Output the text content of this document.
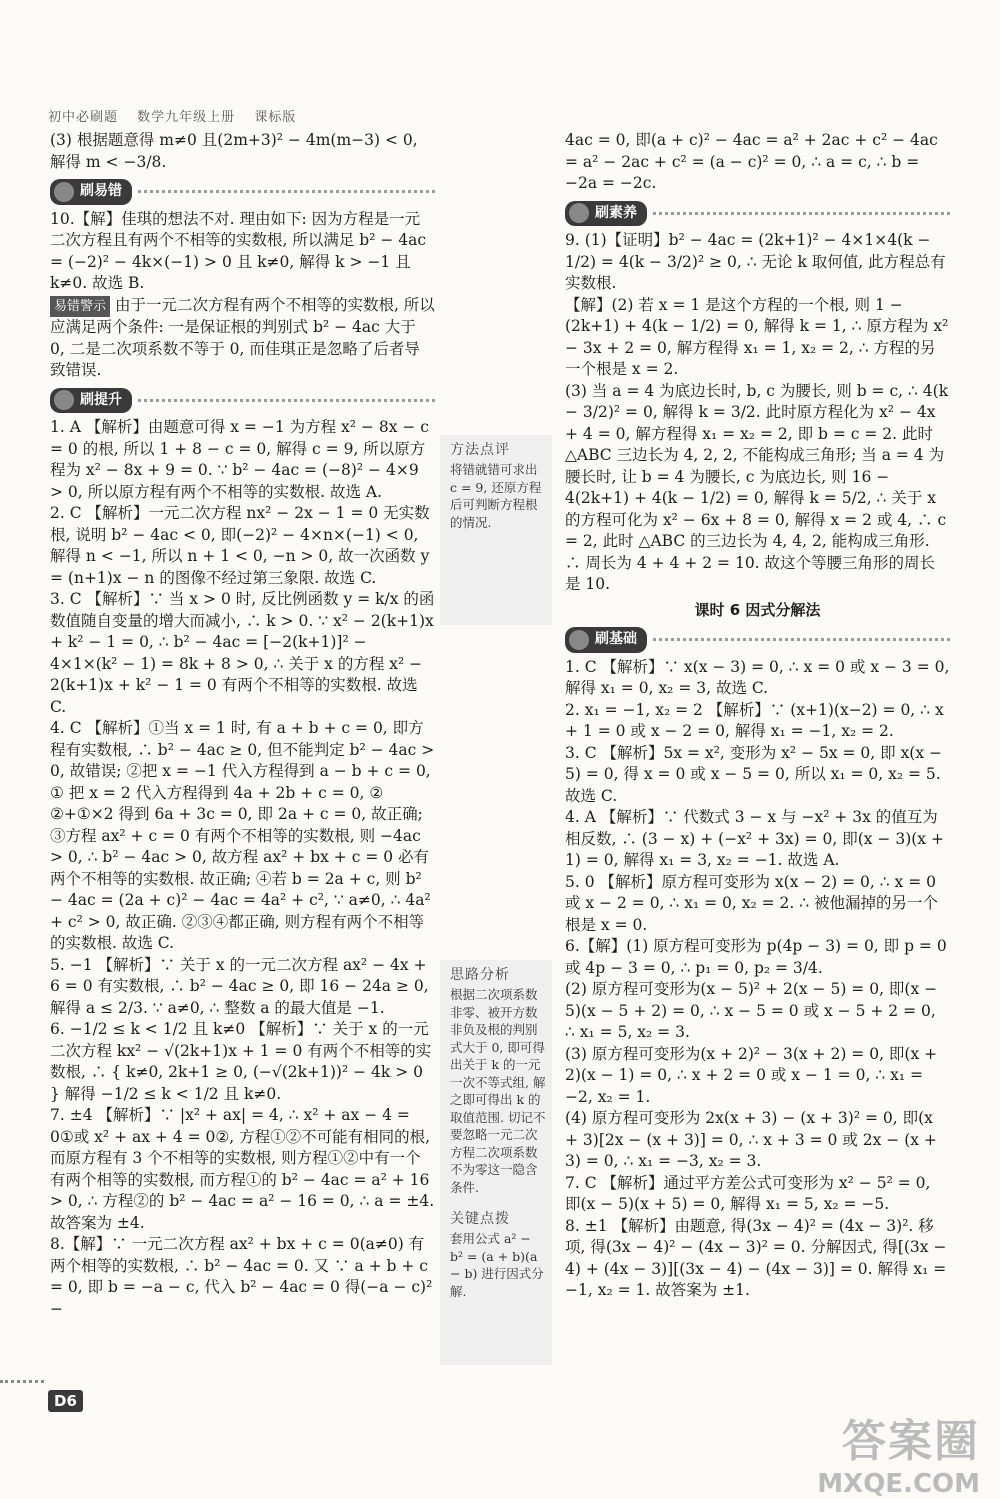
初中必刷题 数学九年级上册 课标版

(3) 根据题意得 m≠0 且(2m+3)² − 4m(m−3) < 0, 解得 m < −3/8.

刷易错

10.【解】佳琪的想法不对. 理由如下: 因为方程是一元二次方程且有两个不相等的实数根, 所以满足 b² − 4ac = (−2)² − 4k×(−1) > 0 且 k≠0, 解得 k > −1 且 k≠0. 故选 B.

易错警示 由于一元二次方程有两个不相等的实数根, 所以应满足两个条件: 一是保证根的判别式 b² − 4ac 大于 0, 二是二次项系数不等于 0, 而佳琪正是忽略了后者导致错误.

刷提升

1. A 【解析】由题意可得 x = −1 为方程 x² − 8x − c = 0 的根, 所以 1 + 8 − c = 0, 解得 c = 9, 所以原方程为 x² − 8x + 9 = 0. ∵ b² − 4ac = (−8)² − 4×9 > 0, 所以原方程有两个不相等的实数根. 故选 A.

2. C 【解析】一元二次方程 nx² − 2x − 1 = 0 无实数根, 说明 b² − 4ac < 0, 即(−2)² − 4×n×(−1) < 0, 解得 n < −1, 所以 n + 1 < 0, −n > 0, 故一次函数 y = (n+1)x − n 的图像不经过第三象限. 故选 C.

3. C 【解析】∵ 当 x > 0 时, 反比例函数 y = k/x 的函数值随自变量的增大而减小, ∴ k > 0. ∵ x² − 2(k+1)x + k² − 1 = 0, ∴ b² − 4ac = [−2(k+1)]² − 4×1×(k² − 1) = 8k + 8 > 0, ∴ 关于 x 的方程 x² − 2(k+1)x + k² − 1 = 0 有两个不相等的实数根. 故选 C.

4. C 【解析】①当 x = 1 时, 有 a + b + c = 0, 即方程有实数根, ∴ b² − 4ac ≥ 0, 但不能判定 b² − 4ac > 0, 故错误; ②把 x = −1 代入方程得到 a − b + c = 0, ① 把 x = 2 代入方程得到 4a + 2b + c = 0, ② ②+①×2 得到 6a + 3c = 0, 即 2a + c = 0, 故正确; ③方程 ax² + c = 0 有两个不相等的实数根, 则 −4ac > 0, ∴ b² − 4ac > 0, 故方程 ax² + bx + c = 0 必有两个不相等的实数根. 故正确; ④若 b = 2a + c, 则 b² − 4ac = (2a + c)² − 4ac = 4a² + c², ∵ a≠0, ∴ 4a² + c² > 0, 故正确. ②③④都正确, 则方程有两个不相等的实数根. 故选 C.

5. −1 【解析】∵ 关于 x 的一元二次方程 ax² − 4x + 6 = 0 有实数根, ∴ b² − 4ac ≥ 0, 即 16 − 24a ≥ 0, 解得 a ≤ 2/3. ∵ a≠0, ∴ 整数 a 的最大值是 −1.

6. −1/2 ≤ k < 1/2 且 k≠0 【解析】∵ 关于 x 的一元二次方程 kx² − √(2k+1)x + 1 = 0 有两个不相等的实数根, ∴ { k≠0, 2k+1 ≥ 0, (−√(2k+1))² − 4k > 0 } 解得 −1/2 ≤ k < 1/2 且 k≠0.

7. ±4 【解析】∵ |x² + ax| = 4, ∴ x² + ax − 4 = 0①或 x² + ax + 4 = 0②, 方程①②不可能有相同的根, 而原方程有 3 个不相等的实数根, 则方程①②中有一个有两个相等的实数根, 而方程①的 b² − 4ac = a² + 16 > 0, ∴ 方程②的 b² − 4ac = a² − 16 = 0, ∴ a = ±4. 故答案为 ±4.

8.【解】∵ 一元二次方程 ax² + bx + c = 0(a≠0) 有两个相等的实数根, ∴ b² − 4ac = 0. 又 ∵ a + b + c = 0, 即 b = −a − c, 代入 b² − 4ac = 0 得(−a − c)² −

方法点评
将错就错可求出 c = 9, 还原方程后可判断方程根的情况.
思路分析
根据二次项系数非零、被开方数非负及根的判别式大于 0, 即可得出关于 k 的一元一次不等式组, 解之即可得出 k 的取值范围. 切记不要忽略一元二次方程二次项系数不为零这一隐含条件.
关键点拨
套用公式 a² − b² = (a + b)(a − b) 进行因式分解.

4ac = 0, 即(a + c)² − 4ac = a² + 2ac + c² − 4ac = a² − 2ac + c² = (a − c)² = 0, ∴ a = c, ∴ b = −2a = −2c.

刷素养

9. (1)【证明】b² − 4ac = (2k+1)² − 4×1×4(k − 1/2) = 4(k − 3/2)² ≥ 0, ∴ 无论 k 取何值, 此方程总有实数根.

【解】(2) 若 x = 1 是这个方程的一个根, 则 1 − (2k+1) + 4(k − 1/2) = 0, 解得 k = 1, ∴ 原方程为 x² − 3x + 2 = 0, 解方程得 x₁ = 1, x₂ = 2, ∴ 方程的另一个根是 x = 2.

(3) 当 a = 4 为底边长时, b, c 为腰长, 则 b = c, ∴ 4(k − 3/2)² = 0, 解得 k = 3/2. 此时原方程化为 x² − 4x + 4 = 0, 解方程得 x₁ = x₂ = 2, 即 b = c = 2. 此时 △ABC 三边长为 4, 2, 2, 不能构成三角形; 当 a = 4 为腰长时, 让 b = 4 为腰长, c 为底边长, 则 16 − 4(2k+1) + 4(k − 1/2) = 0, 解得 k = 5/2, ∴ 关于 x 的方程可化为 x² − 6x + 8 = 0, 解得 x = 2 或 4, ∴ c = 2, 此时 △ABC 的三边长为 4, 4, 2, 能构成三角形. ∴ 周长为 4 + 4 + 2 = 10. 故这个等腰三角形的周长是 10.

课时 6 因式分解法
刷基础

1. C 【解析】∵ x(x − 3) = 0, ∴ x = 0 或 x − 3 = 0, 解得 x₁ = 0, x₂ = 3, 故选 C.

2. x₁ = −1, x₂ = 2 【解析】∵ (x+1)(x−2) = 0, ∴ x + 1 = 0 或 x − 2 = 0, 解得 x₁ = −1, x₂ = 2.

3. C 【解析】5x = x², 变形为 x² − 5x = 0, 即 x(x − 5) = 0, 得 x = 0 或 x − 5 = 0, 所以 x₁ = 0, x₂ = 5. 故选 C.

4. A 【解析】∵ 代数式 3 − x 与 −x² + 3x 的值互为相反数, ∴ (3 − x) + (−x² + 3x) = 0, 即(x − 3)(x + 1) = 0, 解得 x₁ = 3, x₂ = −1. 故选 A.

5. 0 【解析】原方程可变形为 x(x − 2) = 0, ∴ x = 0 或 x − 2 = 0, ∴ x₁ = 0, x₂ = 2. ∴ 被他漏掉的另一个根是 x = 0.

6.【解】(1) 原方程可变形为 p(4p − 3) = 0, 即 p = 0 或 4p − 3 = 0, ∴ p₁ = 0, p₂ = 3/4.

(2) 原方程可变形为(x − 5)² + 2(x − 5) = 0, 即(x − 5)(x − 5 + 2) = 0, ∴ x − 5 = 0 或 x − 5 + 2 = 0, ∴ x₁ = 5, x₂ = 3.

(3) 原方程可变形为(x + 2)² − 3(x + 2) = 0, 即(x + 2)(x − 1) = 0, ∴ x + 2 = 0 或 x − 1 = 0, ∴ x₁ = −2, x₂ = 1.

(4) 原方程可变形为 2x(x + 3) − (x + 3)² = 0, 即(x + 3)[2x − (x + 3)] = 0, ∴ x + 3 = 0 或 2x − (x + 3) = 0, ∴ x₁ = −3, x₂ = 3.

7. C 【解析】通过平方差公式可变形为 x² − 5² = 0, 即(x − 5)(x + 5) = 0, 解得 x₁ = 5, x₂ = −5.

8. ±1 【解析】由题意, 得(3x − 4)² = (4x − 3)². 移项, 得(3x − 4)² − (4x − 3)² = 0. 分解因式, 得[(3x − 4) + (4x − 3)][(3x − 4) − (4x − 3)] = 0. 解得 x₁ = −1, x₂ = 1. 故答案为 ±1.

D6
答案圈
MXQE.COM
